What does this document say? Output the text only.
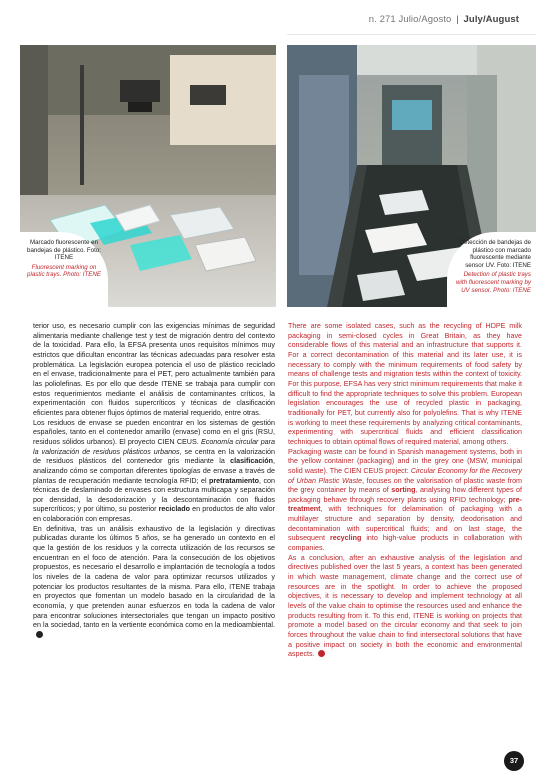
n. 271 Julio/Agosto | July/August
Marcado fluorescente en bandejas de plástico. Foto: ITENE
Fluorescent marking on plastic trays. Photo: ITENE
Detección de bandejas de plástico con marcado fluorescente mediante sensor UV. Foto: ITENE
Detection of plastic trays with fluorescent marking by UV sensor. Photo: ITENE

terior uso, es necesario cumplir con las exigencias mínimas de seguridad alimentaria mediante challenge test y test de migración dentro del contexto de la toxicidad. Para ello, la EFSA presenta unos requisitos mínimos muy estrictos que dificultan encontrar las técnicas adecuadas para resolver esta problemática. La legislación europea potencia el uso de plástico reciclado en el envase, tradicionalmente para el PET, pero actualmente también para las poliolefinas. Es por ello que desde ITENE se trabaja para cumplir con estos requerimientos mediante el análisis de contaminantes críticos, la experimentación con fluidos supercríticos y técnicas de clasificación eficientes para obtener flujos óptimos de material requerido, entre otras.

Los residuos de envase se pueden encontrar en los sistemas de gestión españoles, tanto en el contenedor amarillo (envase) como en el gris (RSU, residuos sólidos urbanos). El proyecto CIEN CEUS. Economía circular para la valorización de residuos plásticos urbanos, se centra en la valorización de residuos plásticos del contenedor gris mediante la clasificación, analizando cómo se comportan diferentes tipologías de envase a través de plantas de recuperación mediante tecnología RFID; el pretratamiento, con técnicas de deslaminado de envases con estructura multicapa y separación por densidad, la desodorización y la descontaminación con fluidos supercríticos; y por último, su posterior reciclado en productos de alto valor en colaboración con empresas.

En definitiva, tras un análisis exhaustivo de la legislación y directivas publicadas durante los últimos 5 años, se ha generado un contexto en el que la gestión de los residuos y la correcta utilización de los recursos se encuentran en el foco de atención. Para la consecución de los objetivos propuestos, es necesario el desarrollo e implantación de tecnología a todos los niveles de la cadena de valor para optimizar recursos utilizados y potenciar los productos resultantes de la misma. Para ello, ITENE trabaja en proyectos que fomentan un modelo basado en la circularidad de la economía, y que pretenden aunar esfuerzos en toda la cadena de valor para encontrar soluciones intersectoriales que tengan un impacto positivo en la sociedad, tanto en la vertiente económica como en la medioambiental.

There are some isolated cases, such as the recycling of HDPE milk packaging in semi-closed cycles in Great Britain, as they have considerable flows of this material and an infrastructure that supports it. For a correct decontamination of this material and its later use, it is necessary to comply with the minimum requirements of food safety by means of challenge tests and migration tests within the context of toxicity. For this purpose, EFSA has very strict minimum requirements that make it difficult to find the appropriate techniques to solve this problem. European legislation encourages the use of recycled plastic in packaging, traditionally for PET, but currently also for polyolefins. That is why ITENE is working to meet these requirements by analyzing critical contaminants, experimenting with supercritical fluids and efficient classification techniques to obtain optimal flows of required material, among others.

Packaging waste can be found in Spanish management systems, both in the yellow container (packaging) and in the grey one (MSW, municipal solid waste). The CIEN CEUS project: Circular Economy for the Recovery of Urban Plastic Waste, focuses on the valorisation of plastic waste from the grey container by means of sorting, analysing how different types of packaging behave through recovery plants using RFID technology; pre-treatment, with techniques for delamination of packaging with a multilayer structure and separation by density, deodorisation and decontamination with supercritical fluids; and on last stage, the subsequent recycling into high-value products in collaboration with companies.

As a conclusion, after an exhaustive analysis of the legislation and directives published over the last 5 years, a context has been generated in which waste management, climate change and the correct use of resources are in the spotlight. In order to achieve the proposed objectives, it is necessary to develop and implement technology at all levels of the value chain to optimise the resources used and enhance the products resulting from it. To this end, ITENE is working on projects that promote a model based on the circular economy and that seek to join forces throughout the value chain to find intersectoral solutions that have a positive impact on society in both the economic and environmental aspects.

37
